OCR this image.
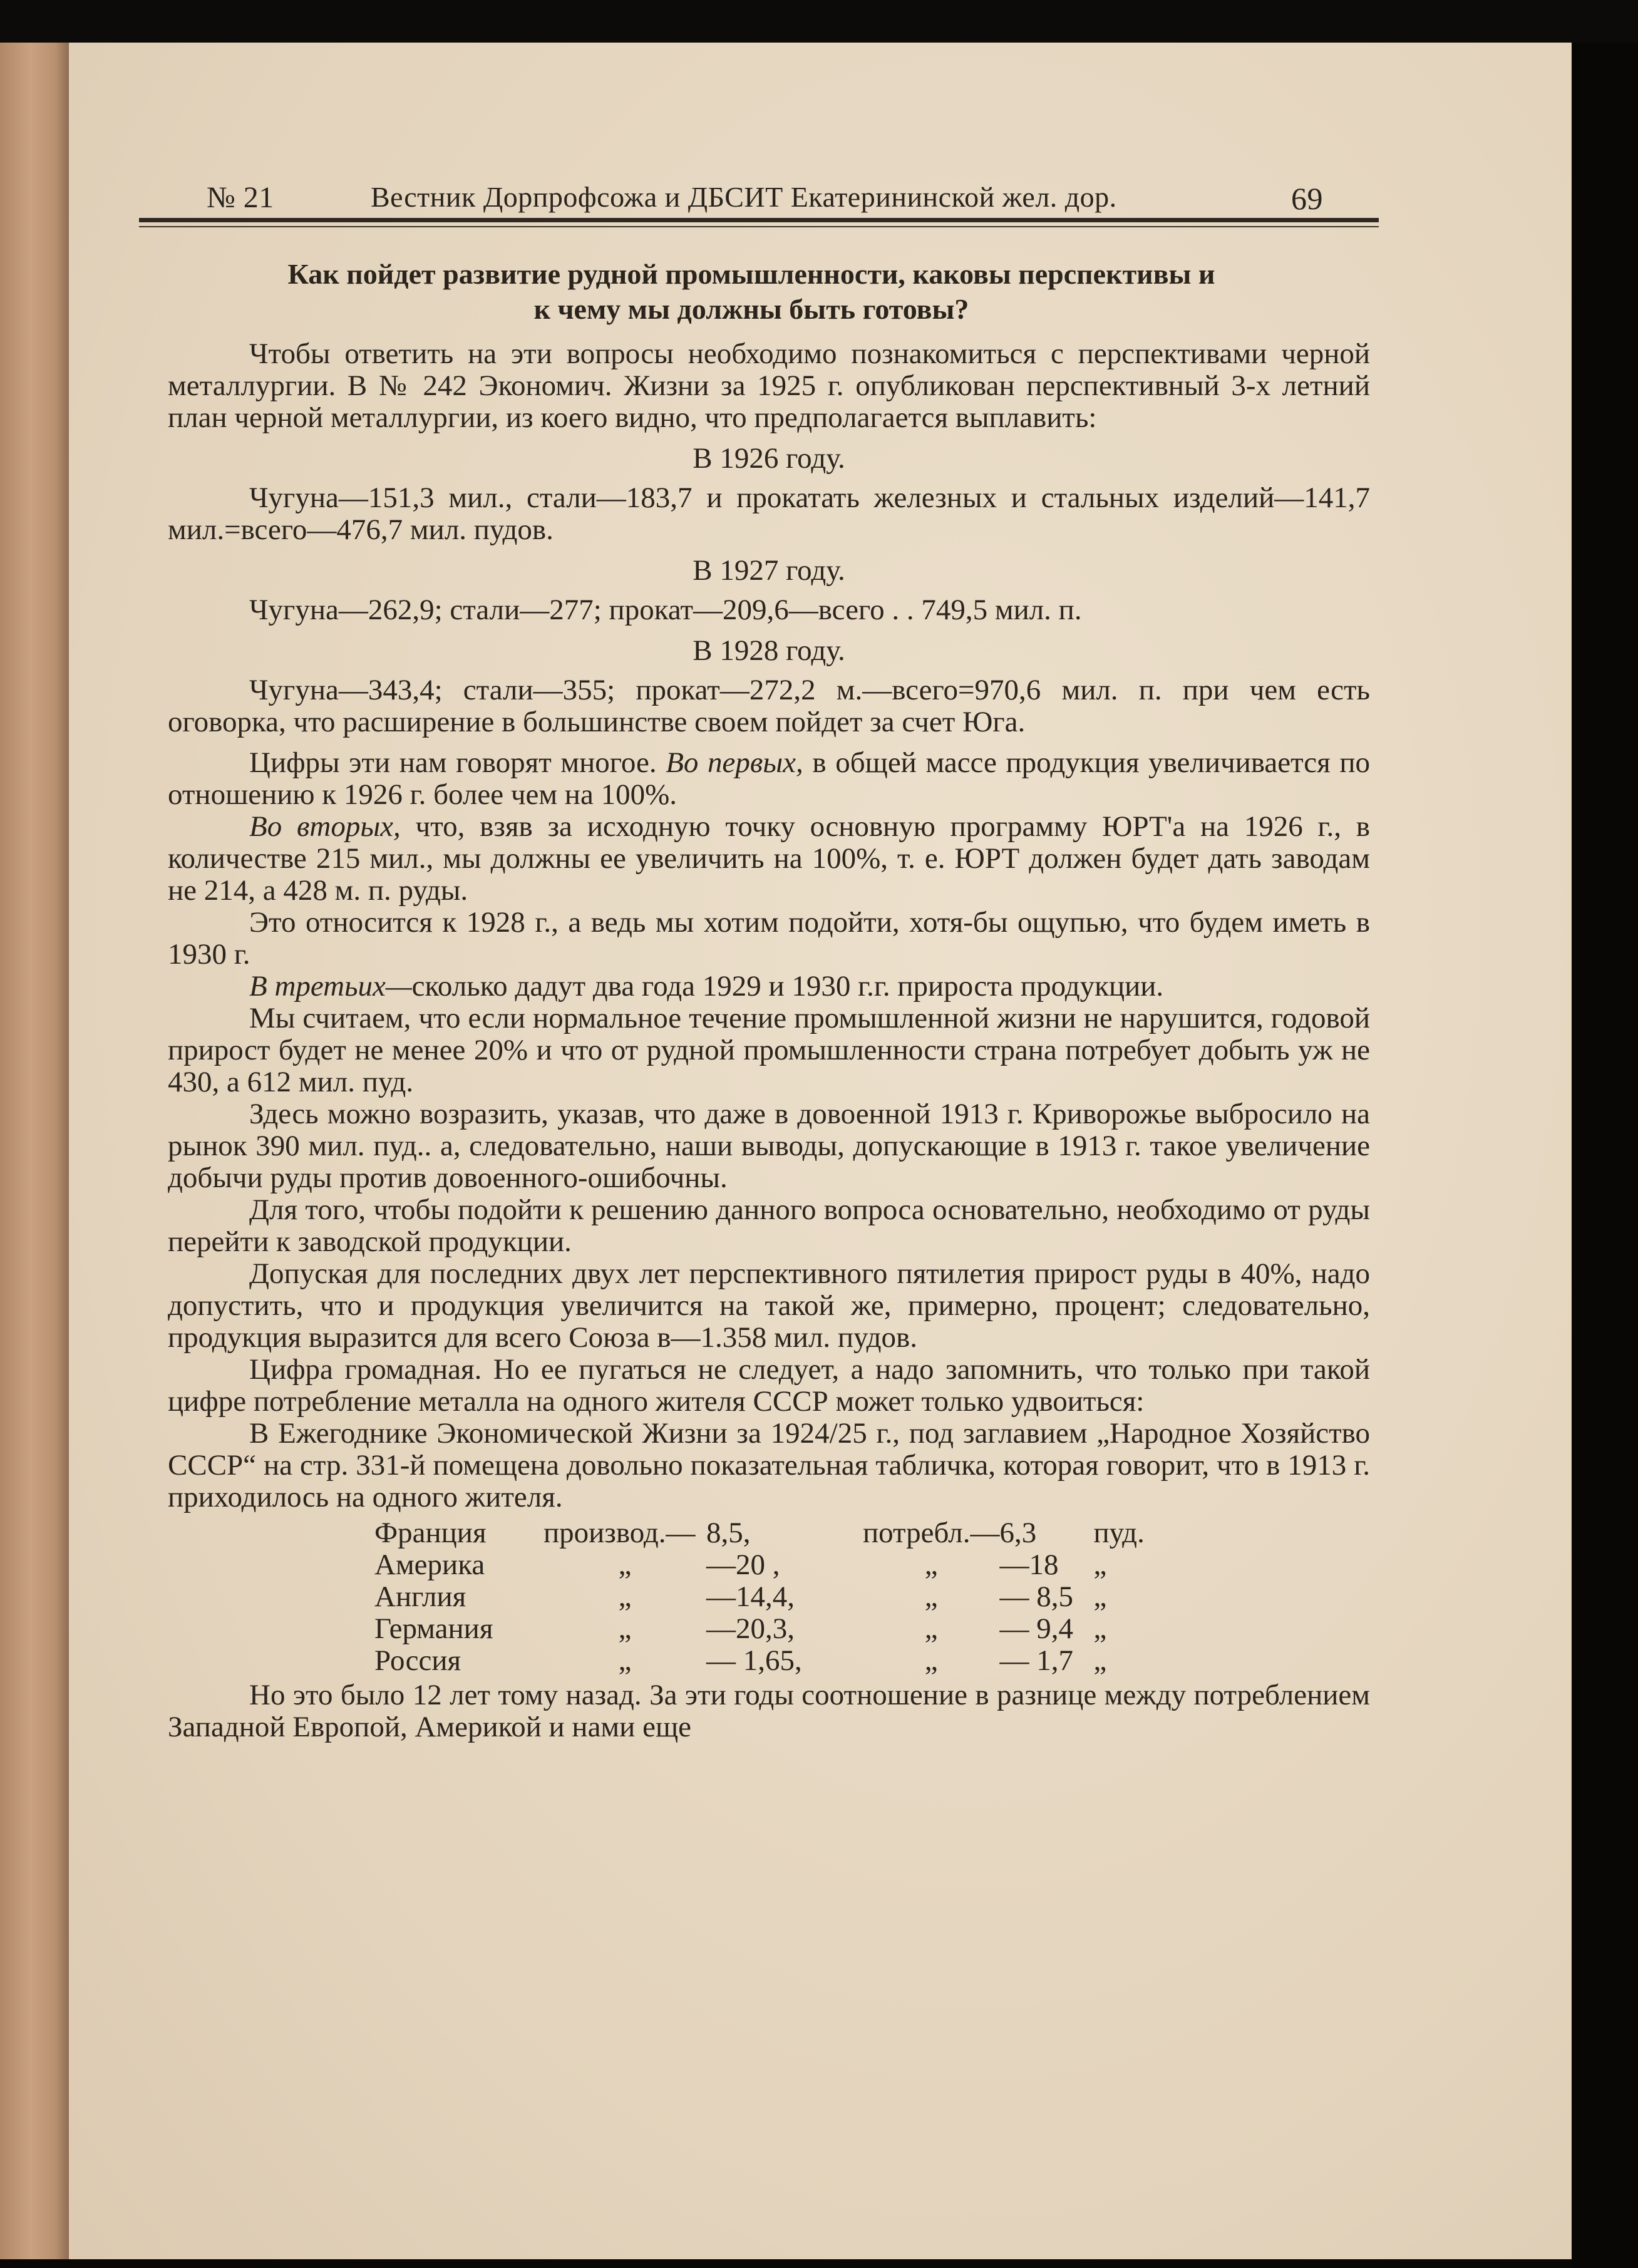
№ 21	Вестник Дорпрофсожа и ДБСИТ Екатерининской жел. дор.	69

Как пойдет развитие рудной промышленности, каковы перспективы и

к чему мы должны быть готовы?

Чтобы ответить на эти вопросы необходимо познакомиться с перспективами черной металлургии. В № 242 Экономич. Жизни за 1925 г. опубликован перспективный 3-х летний план черной металлургии, из коего видно, что предполагается выплавить:

В 1926 году.

Чугуна—151,3 мил., стали—183,7 и прокатать железных и стальных изделий—141,7 мил.=всего—476,7 мил. пудов.

В 1927 году.

Чугуна—262,9; стали—277; прокат—209,6—всего . . 749,5 мил. п.

В 1928 году.

Чугуна—343,4; стали—355; прокат—272,2 м.—всего=970,6 мил. п. при чем есть оговорка, что расширение в большинстве своем пойдет за счет Юга.

Цифры эти нам говорят многое. Во первых, в общей массе продукция увеличивается по отношению к 1926 г. более чем на 100%.

Во вторых, что, взяв за исходную точку основную программу ЮРТ'а на 1926 г., в количестве 215 мил., мы должны ее увеличить на 100%, т. е. ЮРТ должен будет дать заводам не 214, а 428 м. п. руды.

Это относится к 1928 г., а ведь мы хотим подойти, хотя-бы ощупью, что будем иметь в 1930 г.

В третьих—сколько дадут два года 1929 и 1930 г.г. прироста продукции.

Мы считаем, что если нормальное течение промышленной жизни не нарушится, годовой прирост будет не менее 20% и что от рудной промышленности страна потребует добыть уж не 430, а 612 мил. пуд.

Здесь можно возразить, указав, что даже в довоенной 1913 г. Криворожье выбросило на рынок 390 мил. пуд.. а, следовательно, наши выводы, допускающие в 1913 г. такое увеличение добычи руды против довоенного-ошибочны.

Для того, чтобы подойти к решению данного вопроса основательно, необходимо от руды перейти к заводской продукции.

Допуская для последних двух лет перспективного пятилетия прирост руды в 40%, надо допустить, что и продукция увеличится на такой же, примерно, процент; следовательно, продукция выразится для всего Союза в—1.358 мил. пудов.

Цифра громадная. Но ее пугаться не следует, а надо запомнить, что только при такой цифре потребление металла на одного жителя СССР может только удвоиться:

В Ежегоднике Экономической Жизни за 1924/25 г., под заглавием „Народное Хозяйство СССР“ на стр. 331-й помещена довольно показательная табличка, которая говорит, что в 1913 г. приходилось на одного жителя.

Франция	производ.—	8,5,	потребл.—	6,3	пуд.
Америка	„	—20 ,	„	—18	„
Англия	„	—14,4,	„	— 8,5	„
Германия	„	—20,3,	„	— 9,4	„
Россия	„	— 1,65,	„	— 1,7	„

Но это было 12 лет тому назад. За эти годы соотношение в разнице между потреблением Западной Европой, Америкой и нами еще
